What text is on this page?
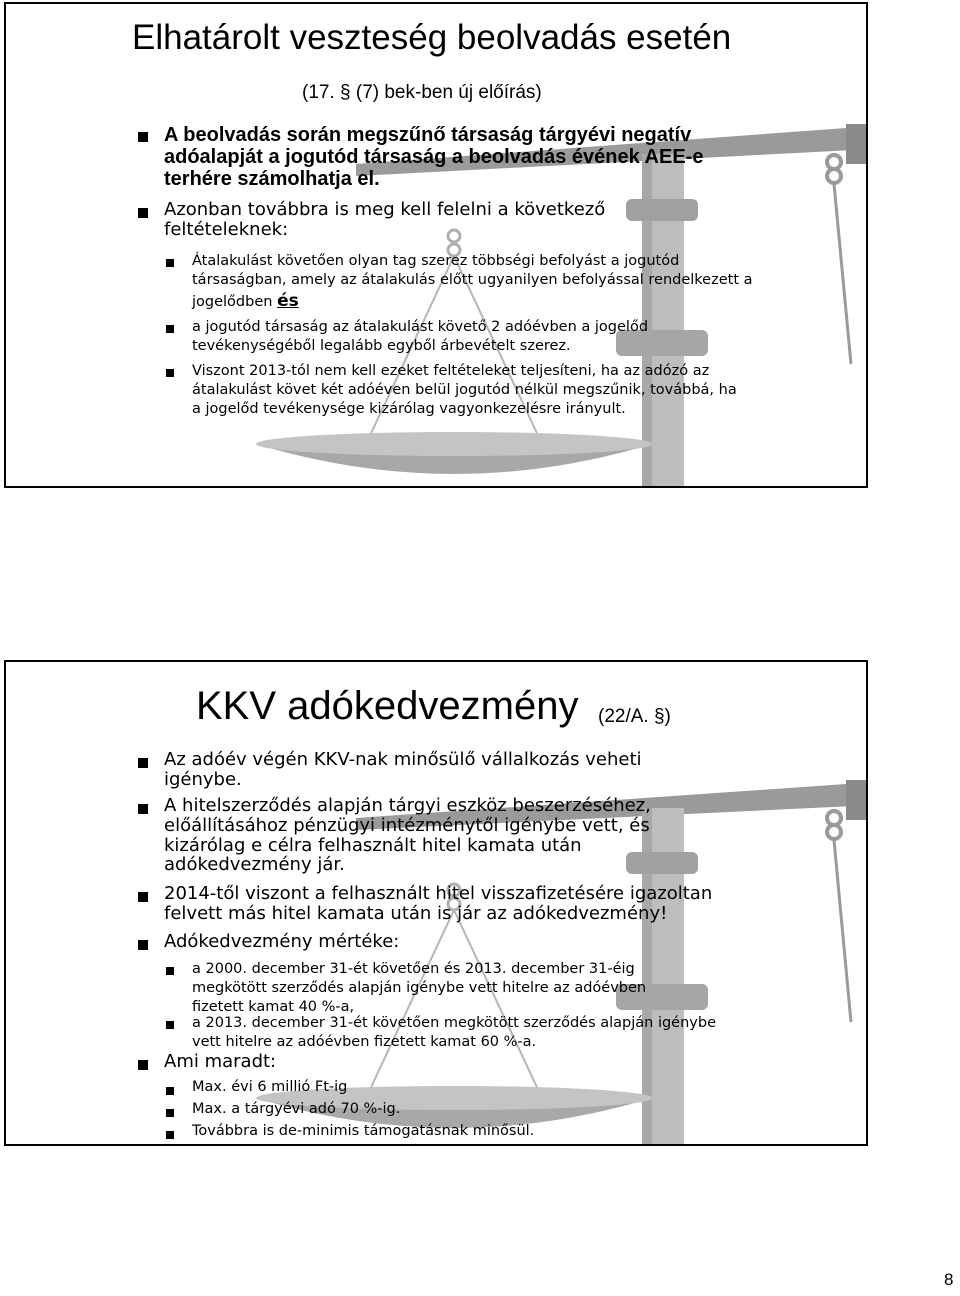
Elhatárolt veszteség beolvadás esetén
(17. § (7) bek-ben új előírás)
A beolvadás során megszűnő társaság tárgyévi negatív adóalapját a jogutód társaság a beolvadás évének AEE-e terhére számolhatja el.
Azonban továbbra is meg kell felelni a következő feltételeknek:
Átalakulást követően olyan tag szerez többségi befolyást a jogutód társaságban, amely az átalakulás előtt ugyanilyen befolyással rendelkezett a jogelődben és
a jogutód társaság az átalakulást követő 2 adóévben a jogelőd tevékenységéből legalább egyből árbevételt szerez.
Viszont 2013-tól nem kell ezeket feltételeket teljesíteni, ha az adózó az átalakulást követ két adóéven belül jogutód nélkül megszűnik, továbbá, ha a jogelőd tevékenysége kizárólag vagyonkezelésre irányult.
KKV adókedvezmény (22/A. §)
Az adóév végén KKV-nak minősülő vállalkozás veheti igénybe.
A hitelszerződés alapján tárgyi eszköz beszerzéséhez, előállításához pénzügyi intézménytől igénybe vett, és kizárólag e célra felhasznált hitel kamata után adókedvezmény jár.
2014-től viszont a felhasznált hitel visszafizetésére igazoltan felvett más hitel kamata után is jár az adókedvezmény!
Adókedvezmény mértéke:
a 2000. december 31-ét követően és 2013. december 31-éig megkötött szerződés alapján igénybe vett hitelre az adóévben fizetett kamat 40 %-a,
a 2013. december 31-ét követően megkötött szerződés alapján igénybe vett hitelre az adóévben fizetett kamat 60 %-a.
Ami maradt:
Max. évi 6 millió Ft-ig
Max. a tárgyévi adó 70 %-ig.
Továbbra is de-minimis támogatásnak minősül.
8
